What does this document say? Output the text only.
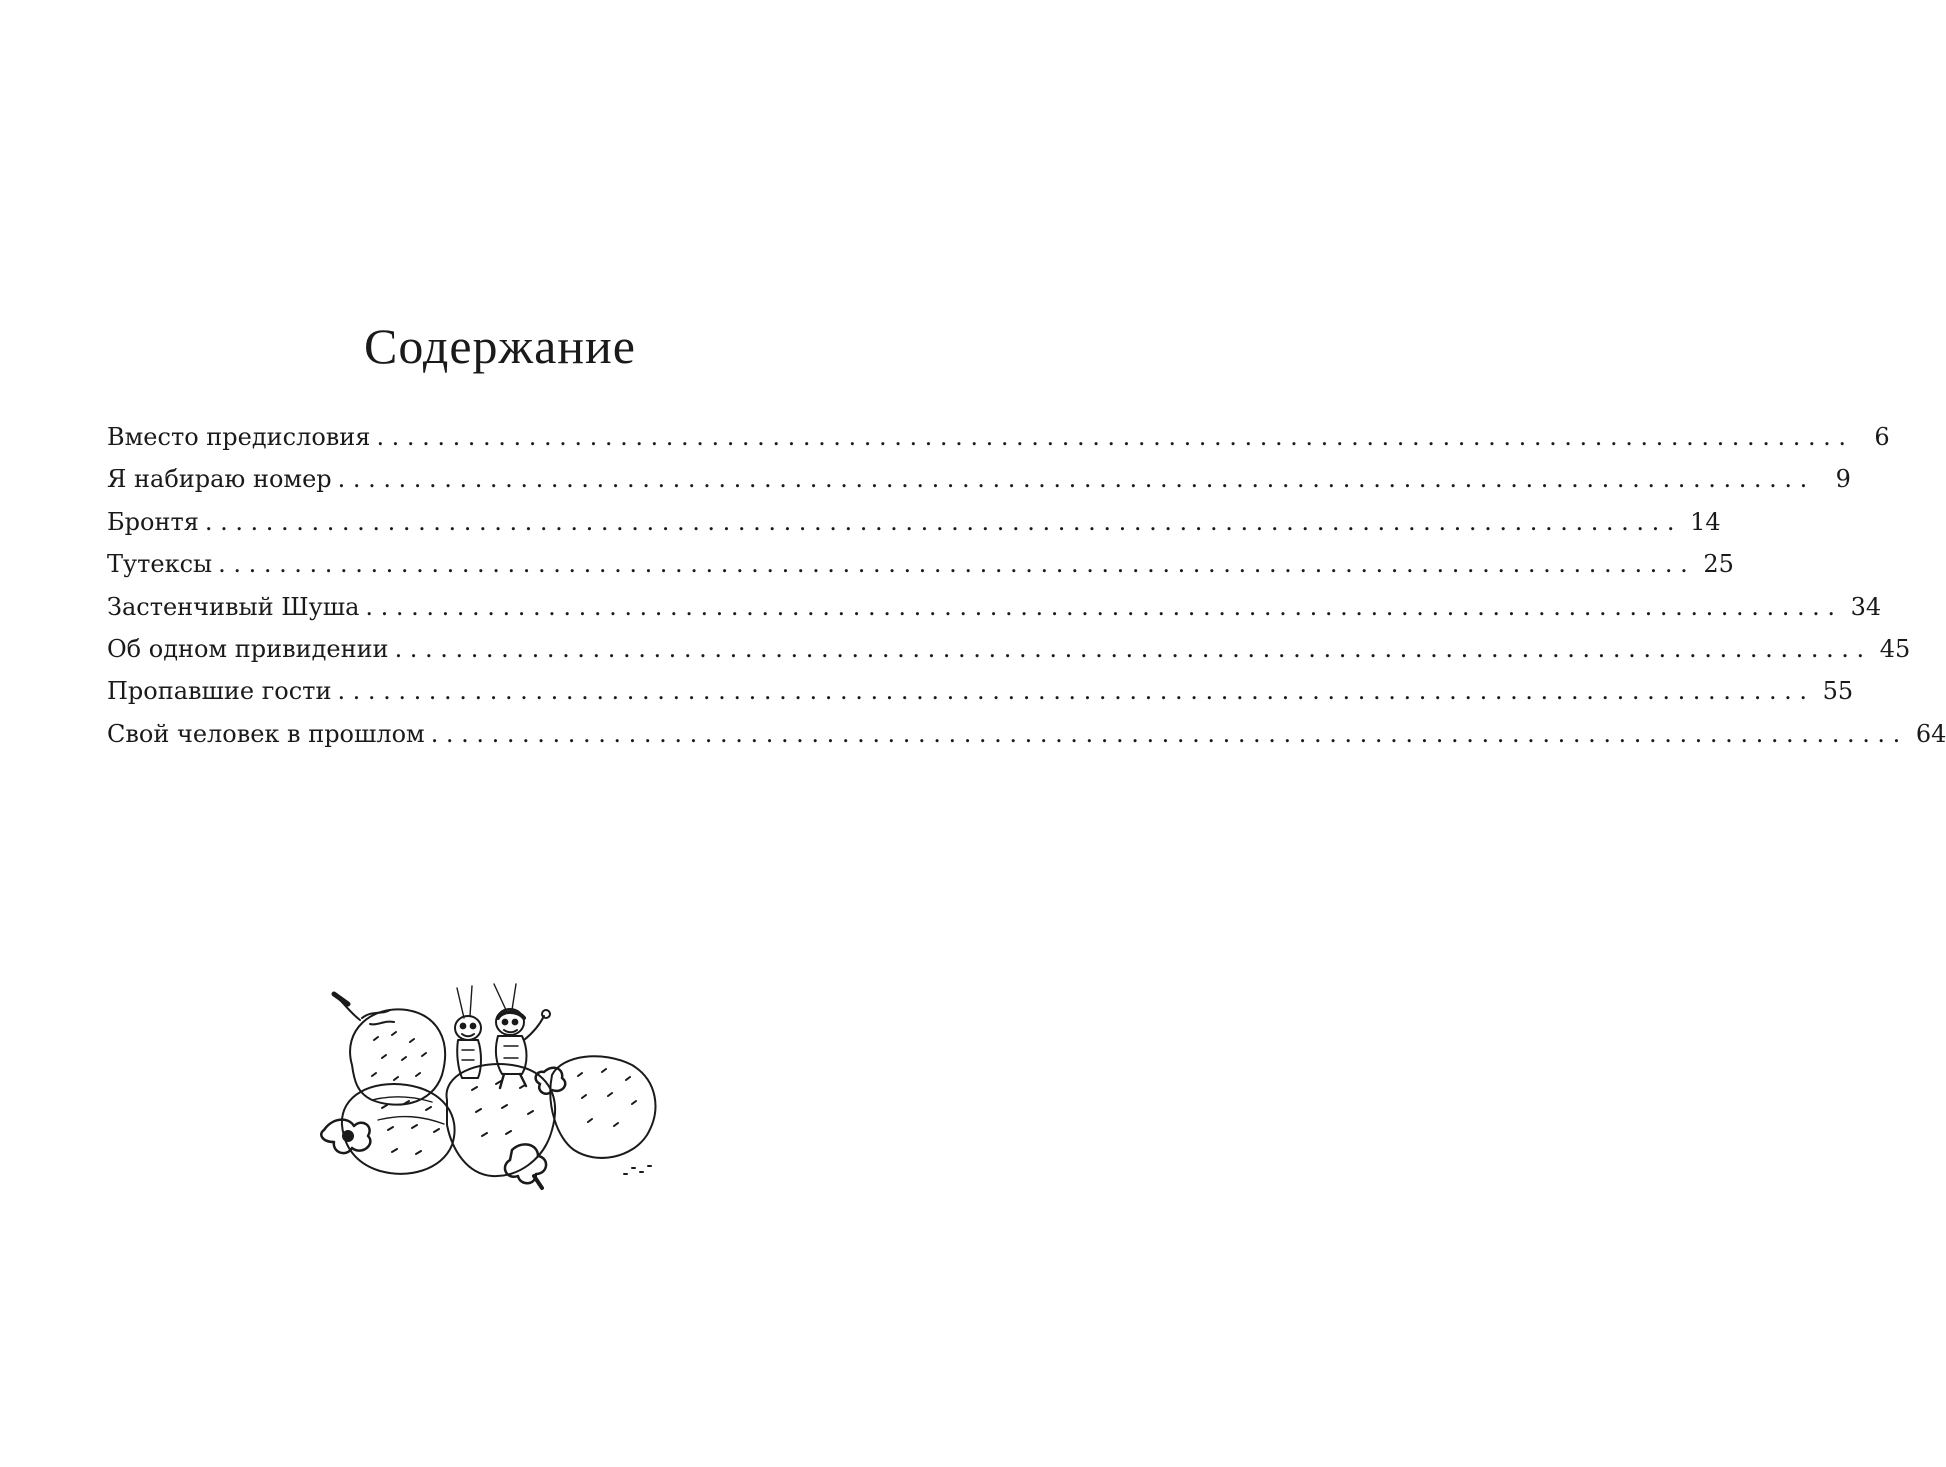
Содержание
Вместо предисловия ................................................................................................. 6
Я набираю номер ................................................................................................. 9
Бронтя ................................................................................................. 14
Тутексы ................................................................................................. 25
Застенчивый Шуша ................................................................................................. 34
Об одном привидении ................................................................................................. 45
Пропавшие гости ................................................................................................. 55
Свой человек в прошлом ................................................................................................. 64
